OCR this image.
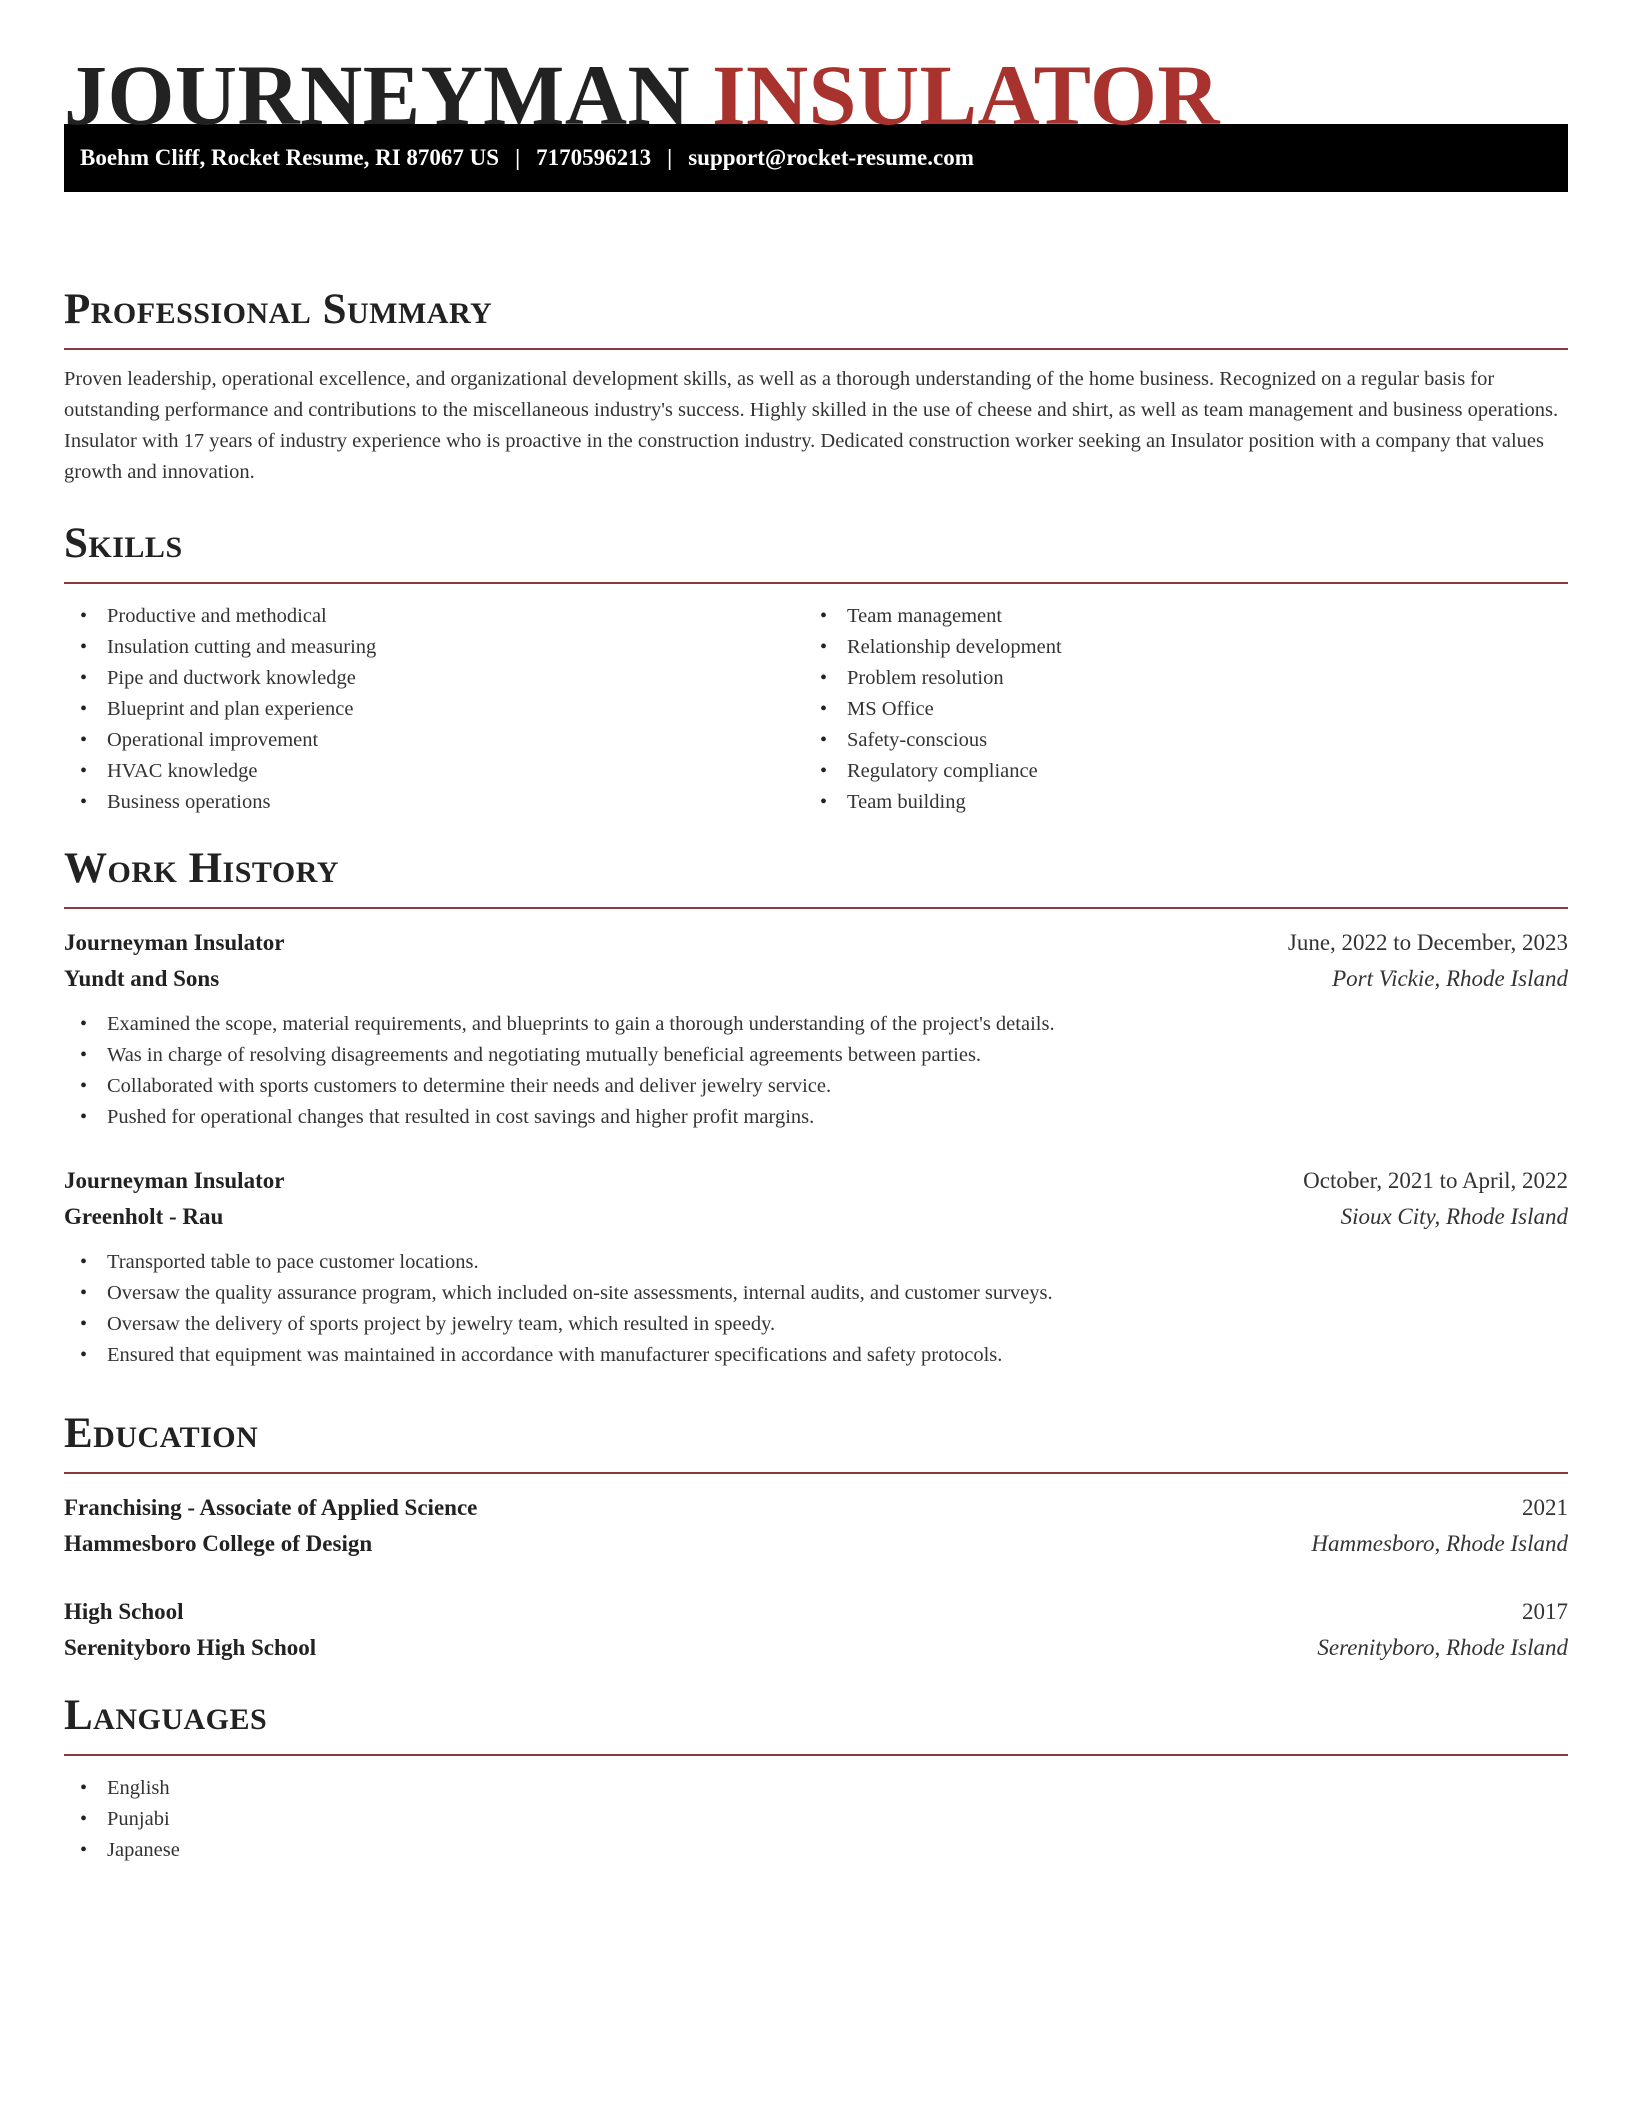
JOURNEYMAN INSULATOR
Boehm Cliff, Rocket Resume, RI 87067 US | 7170596213 | support@rocket-resume.com
Professional Summary

Proven leadership, operational excellence, and organizational development skills, as well as a thorough understanding of the home business. Recognized on a regular basis for outstanding performance and contributions to the miscellaneous industry's success. Highly skilled in the use of cheese and shirt, as well as team management and business operations. Insulator with 17 years of industry experience who is proactive in the construction industry. Dedicated construction worker seeking an Insulator position with a company that values growth and innovation.

Skills
• Productive and methodical
• Insulation cutting and measuring
• Pipe and ductwork knowledge
• Blueprint and plan experience
• Operational improvement
• HVAC knowledge
• Business operations
• Team management
• Relationship development
• Problem resolution
• MS Office
• Safety-conscious
• Regulatory compliance
• Team building
Work History
Journeyman Insulator	June, 2022 to December, 2023
Yundt and Sons	Port Vickie, Rhode Island
• Examined the scope, material requirements, and blueprints to gain a thorough understanding of the project's details.
• Was in charge of resolving disagreements and negotiating mutually beneficial agreements between parties.
• Collaborated with sports customers to determine their needs and deliver jewelry service.
• Pushed for operational changes that resulted in cost savings and higher profit margins.
Journeyman Insulator	October, 2021 to April, 2022
Greenholt - Rau	Sioux City, Rhode Island
• Transported table to pace customer locations.
• Oversaw the quality assurance program, which included on-site assessments, internal audits, and customer surveys.
• Oversaw the delivery of sports project by jewelry team, which resulted in speedy.
• Ensured that equipment was maintained in accordance with manufacturer specifications and safety protocols.
Education
Franchising - Associate of Applied Science	2021
Hammesboro College of Design	Hammesboro, Rhode Island
High School	2017
Serenityboro High School	Serenityboro, Rhode Island
Languages
• English
• Punjabi
• Japanese
